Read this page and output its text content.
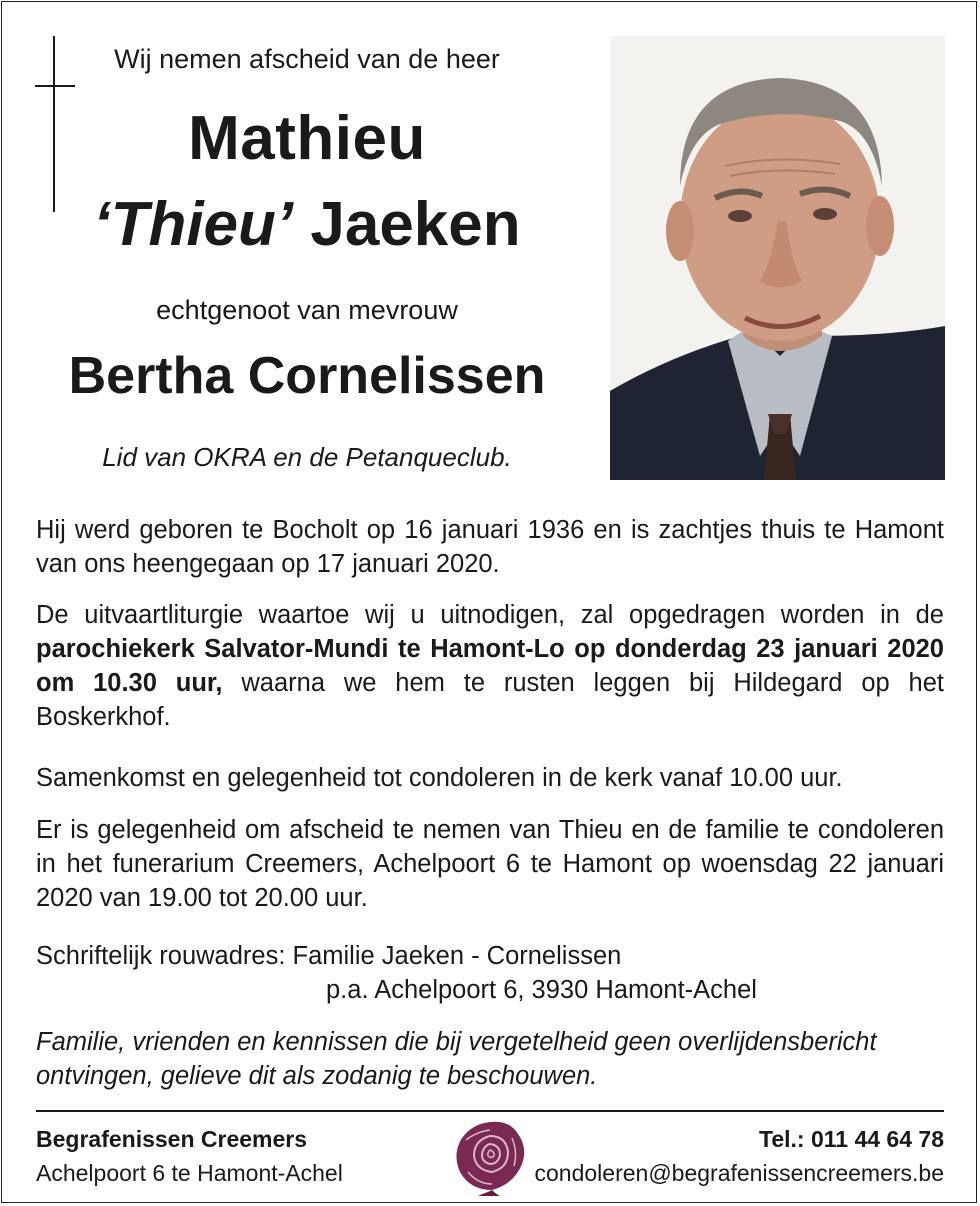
Wij nemen afscheid van de heer
Mathieu
‘Thieu’ Jaeken
echtgenoot van mevrouw
Bertha Cornelissen
Lid van OKRA en de Petanqueclub.
Hij werd geboren te Bocholt op 16 januari 1936 en is zachtjes thuis te Hamont van ons heengegaan op 17 januari 2020.
De uitvaartliturgie waartoe wij u uitnodigen, zal opgedragen worden in de parochiekerk Salvator-Mundi te Hamont-Lo op donderdag 23 januari 2020 om 10.30 uur, waarna we hem te rusten leggen bij Hildegard op het Boskerkhof.
Samenkomst en gelegenheid tot condoleren in de kerk vanaf 10.00 uur.
Er is gelegenheid om afscheid te nemen van Thieu en de familie te condoleren in het funerarium Creemers, Achelpoort 6 te Hamont op woensdag 22 januari 2020 van 19.00 tot 20.00 uur.
Schriftelijk rouwadres: Familie Jaeken - Cornelissen
p.a. Achelpoort 6, 3930 Hamont-Achel
Familie, vrienden en kennissen die bij vergetelheid geen overlijdensbericht ontvingen, gelieve dit als zodanig te beschouwen.
Begrafenissen Creemers
Achelpoort 6 te Hamont-Achel
Tel.: 011 44 64 78
condoleren@begrafenissencreemers.be
